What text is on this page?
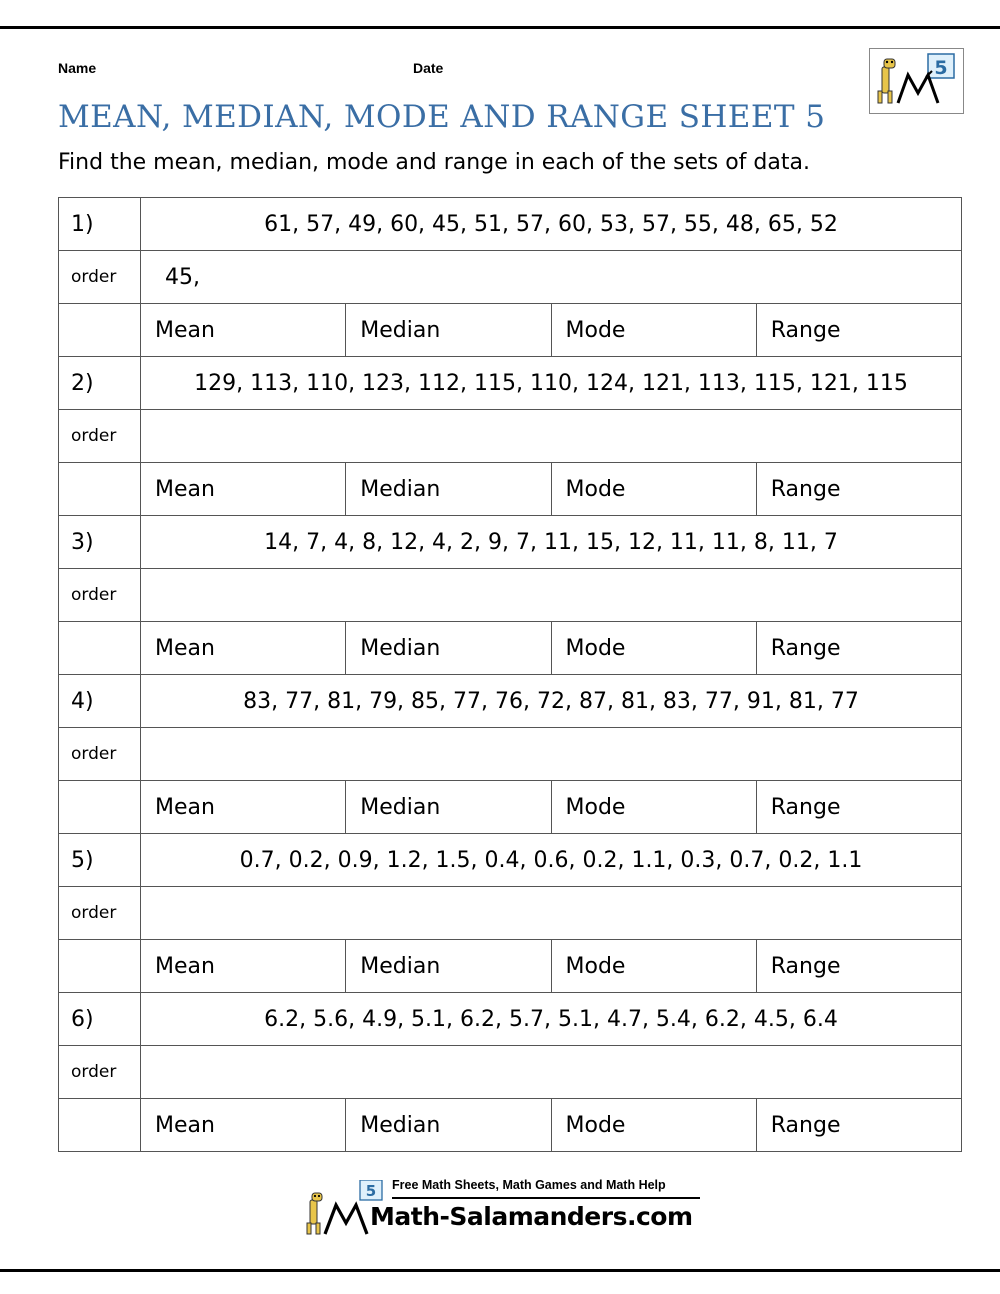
5
Name	Date
MEAN, MEDIAN, MODE AND RANGE SHEET 5
Find the mean, median, mode and range in each of the sets of data.
1)	61, 57, 49, 60, 45, 51, 57, 60, 53, 57, 55, 48, 65, 52			
order	45,			
	Mean	Median	Mode	Range
2)	129, 113, 110, 123, 112, 115, 110, 124, 121, 113, 115, 121, 115			
order				
	Mean	Median	Mode	Range
3)	14, 7, 4, 8, 12, 4, 2, 9, 7, 11, 15, 12, 11, 11, 8, 11, 7			
order				
	Mean	Median	Mode	Range
4)	83, 77, 81, 79, 85, 77, 76, 72, 87, 81, 83, 77, 91, 81, 77			
order				
	Mean	Median	Mode	Range
5)	0.7, 0.2, 0.9, 1.2, 1.5, 0.4, 0.6, 0.2, 1.1, 0.3, 0.7, 0.2, 1.1			
order				
	Mean	Median	Mode	Range
6)	6.2, 5.6, 4.9, 5.1, 6.2, 5.7, 5.1, 4.7, 5.4, 6.2, 4.5, 6.4			
order				
	Mean	Median	Mode	Range
5 Free Math Sheets, Math Games and Math Help
Math-Salamanders.com
